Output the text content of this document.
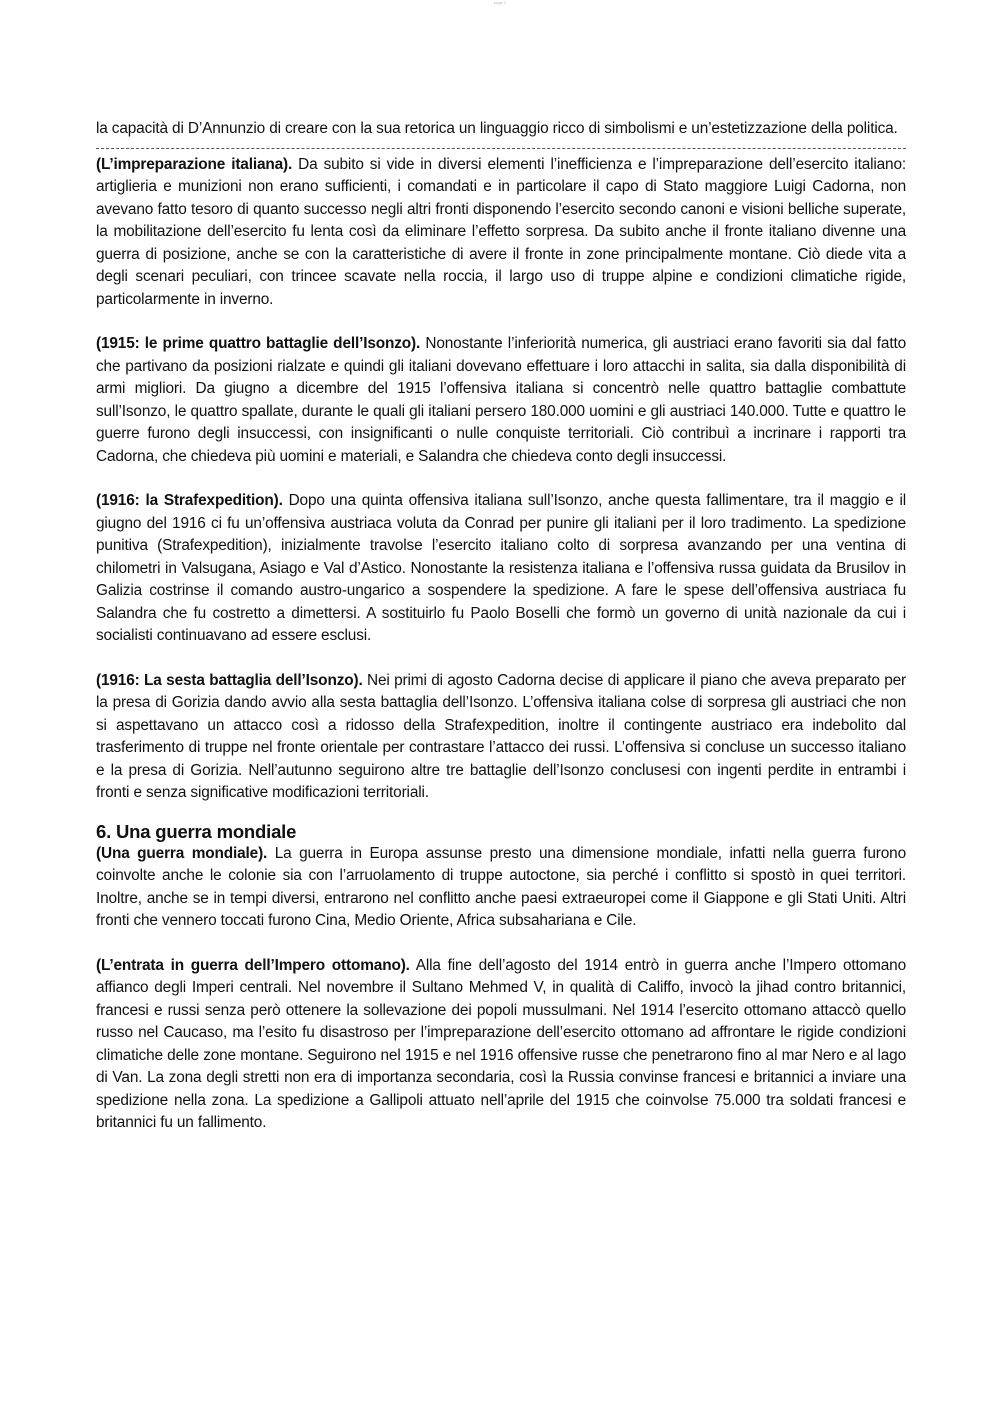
page 2

la capacità di D’Annunzio di creare con la sua retorica un linguaggio ricco di simbolismi e un’estetizzazione della politica.

(L’impreparazione italiana). Da subito si vide in diversi elementi l’inefficienza e l’impreparazione dell’esercito italiano: artiglieria e munizioni non erano sufficienti, i comandati e in particolare il capo di Stato maggiore Luigi Cadorna, non avevano fatto tesoro di quanto successo negli altri fronti disponendo l’esercito secondo canoni e visioni belliche superate, la mobilitazione dell’esercito fu lenta così da eliminare l’effetto sorpresa. Da subito anche il fronte italiano divenne una guerra di posizione, anche se con la caratteristiche di avere il fronte in zone principalmente montane. Ciò diede vita a degli scenari peculiari, con trincee scavate nella roccia, il largo uso di truppe alpine e condizioni climatiche rigide, particolarmente in inverno.

(1915: le prime quattro battaglie dell’Isonzo). Nonostante l’inferiorità numerica, gli austriaci erano favoriti sia dal fatto che partivano da posizioni rialzate e quindi gli italiani dovevano effettuare i loro attacchi in salita, sia dalla disponibilità di armi migliori. Da giugno a dicembre del 1915 l’offensiva italiana si concentrò nelle quattro battaglie combattute sull’Isonzo, le quattro spallate, durante le quali gli italiani persero 180.000 uomini e gli austriaci 140.000. Tutte e quattro le guerre furono degli insuccessi, con insignificanti o nulle conquiste territoriali. Ciò contribuì a incrinare i rapporti tra Cadorna, che chiedeva più uomini e materiali, e Salandra che chiedeva conto degli insuccessi.

(1916: la Strafexpedition). Dopo una quinta offensiva italiana sull’Isonzo, anche questa fallimentare, tra il maggio e il giugno del 1916 ci fu un’offensiva austriaca voluta da Conrad per punire gli italiani per il loro tradimento. La spedizione punitiva (Strafexpedition), inizialmente travolse l’esercito italiano colto di sorpresa avanzando per una ventina di chilometri in Valsugana, Asiago e Val d’Astico. Nonostante la resistenza italiana e l’offensiva russa guidata da Brusilov in Galizia costrinse il comando austro-ungarico a sospendere la spedizione. A fare le spese dell’offensiva austriaca fu Salandra che fu costretto a dimettersi. A sostituirlo fu Paolo Boselli che formò un governo di unità nazionale da cui i socialisti continuavano ad essere esclusi.

(1916: La sesta battaglia dell’Isonzo). Nei primi di agosto Cadorna decise di applicare il piano che aveva preparato per la presa di Gorizia dando avvio alla sesta battaglia dell’Isonzo. L’offensiva italiana colse di sorpresa gli austriaci che non si aspettavano un attacco così a ridosso della Strafexpedition, inoltre il contingente austriaco era indebolito dal trasferimento di truppe nel fronte orientale per contrastare l’attacco dei russi. L’offensiva si concluse un successo italiano e la presa di Gorizia. Nell’autunno seguirono altre tre battaglie dell’Isonzo conclusesi con ingenti perdite in entrambi i fronti e senza significative modificazioni territoriali.

6. Una guerra mondiale

(Una guerra mondiale). La guerra in Europa assunse presto una dimensione mondiale, infatti nella guerra furono coinvolte anche le colonie sia con l’arruolamento di truppe autoctone, sia perché i conflitto si spostò in quei territori. Inoltre, anche se in tempi diversi, entrarono nel conflitto anche paesi extraeuropei come il Giappone e gli Stati Uniti. Altri fronti che vennero toccati furono Cina, Medio Oriente, Africa subsahariana e Cile.

(L’entrata in guerra dell’Impero ottomano). Alla fine dell’agosto del 1914 entrò in guerra anche l’Impero ottomano affianco degli Imperi centrali. Nel novembre il Sultano Mehmed V, in qualità di Califfo, invocò la jihad contro britannici, francesi e russi senza però ottenere la sollevazione dei popoli mussulmani. Nel 1914 l’esercito ottomano attaccò quello russo nel Caucaso, ma l’esito fu disastroso per l’impreparazione dell’esercito ottomano ad affrontare le rigide condizioni climatiche delle zone montane. Seguirono nel 1915 e nel 1916 offensive russe che penetrarono fino al mar Nero e al lago di Van. La zona degli stretti non era di importanza secondaria, così la Russia convinse francesi e britannici a inviare una spedizione nella zona. La spedizione a Gallipoli attuato nell’aprile del 1915 che coinvolse 75.000 tra soldati francesi e britannici fu un fallimento.
